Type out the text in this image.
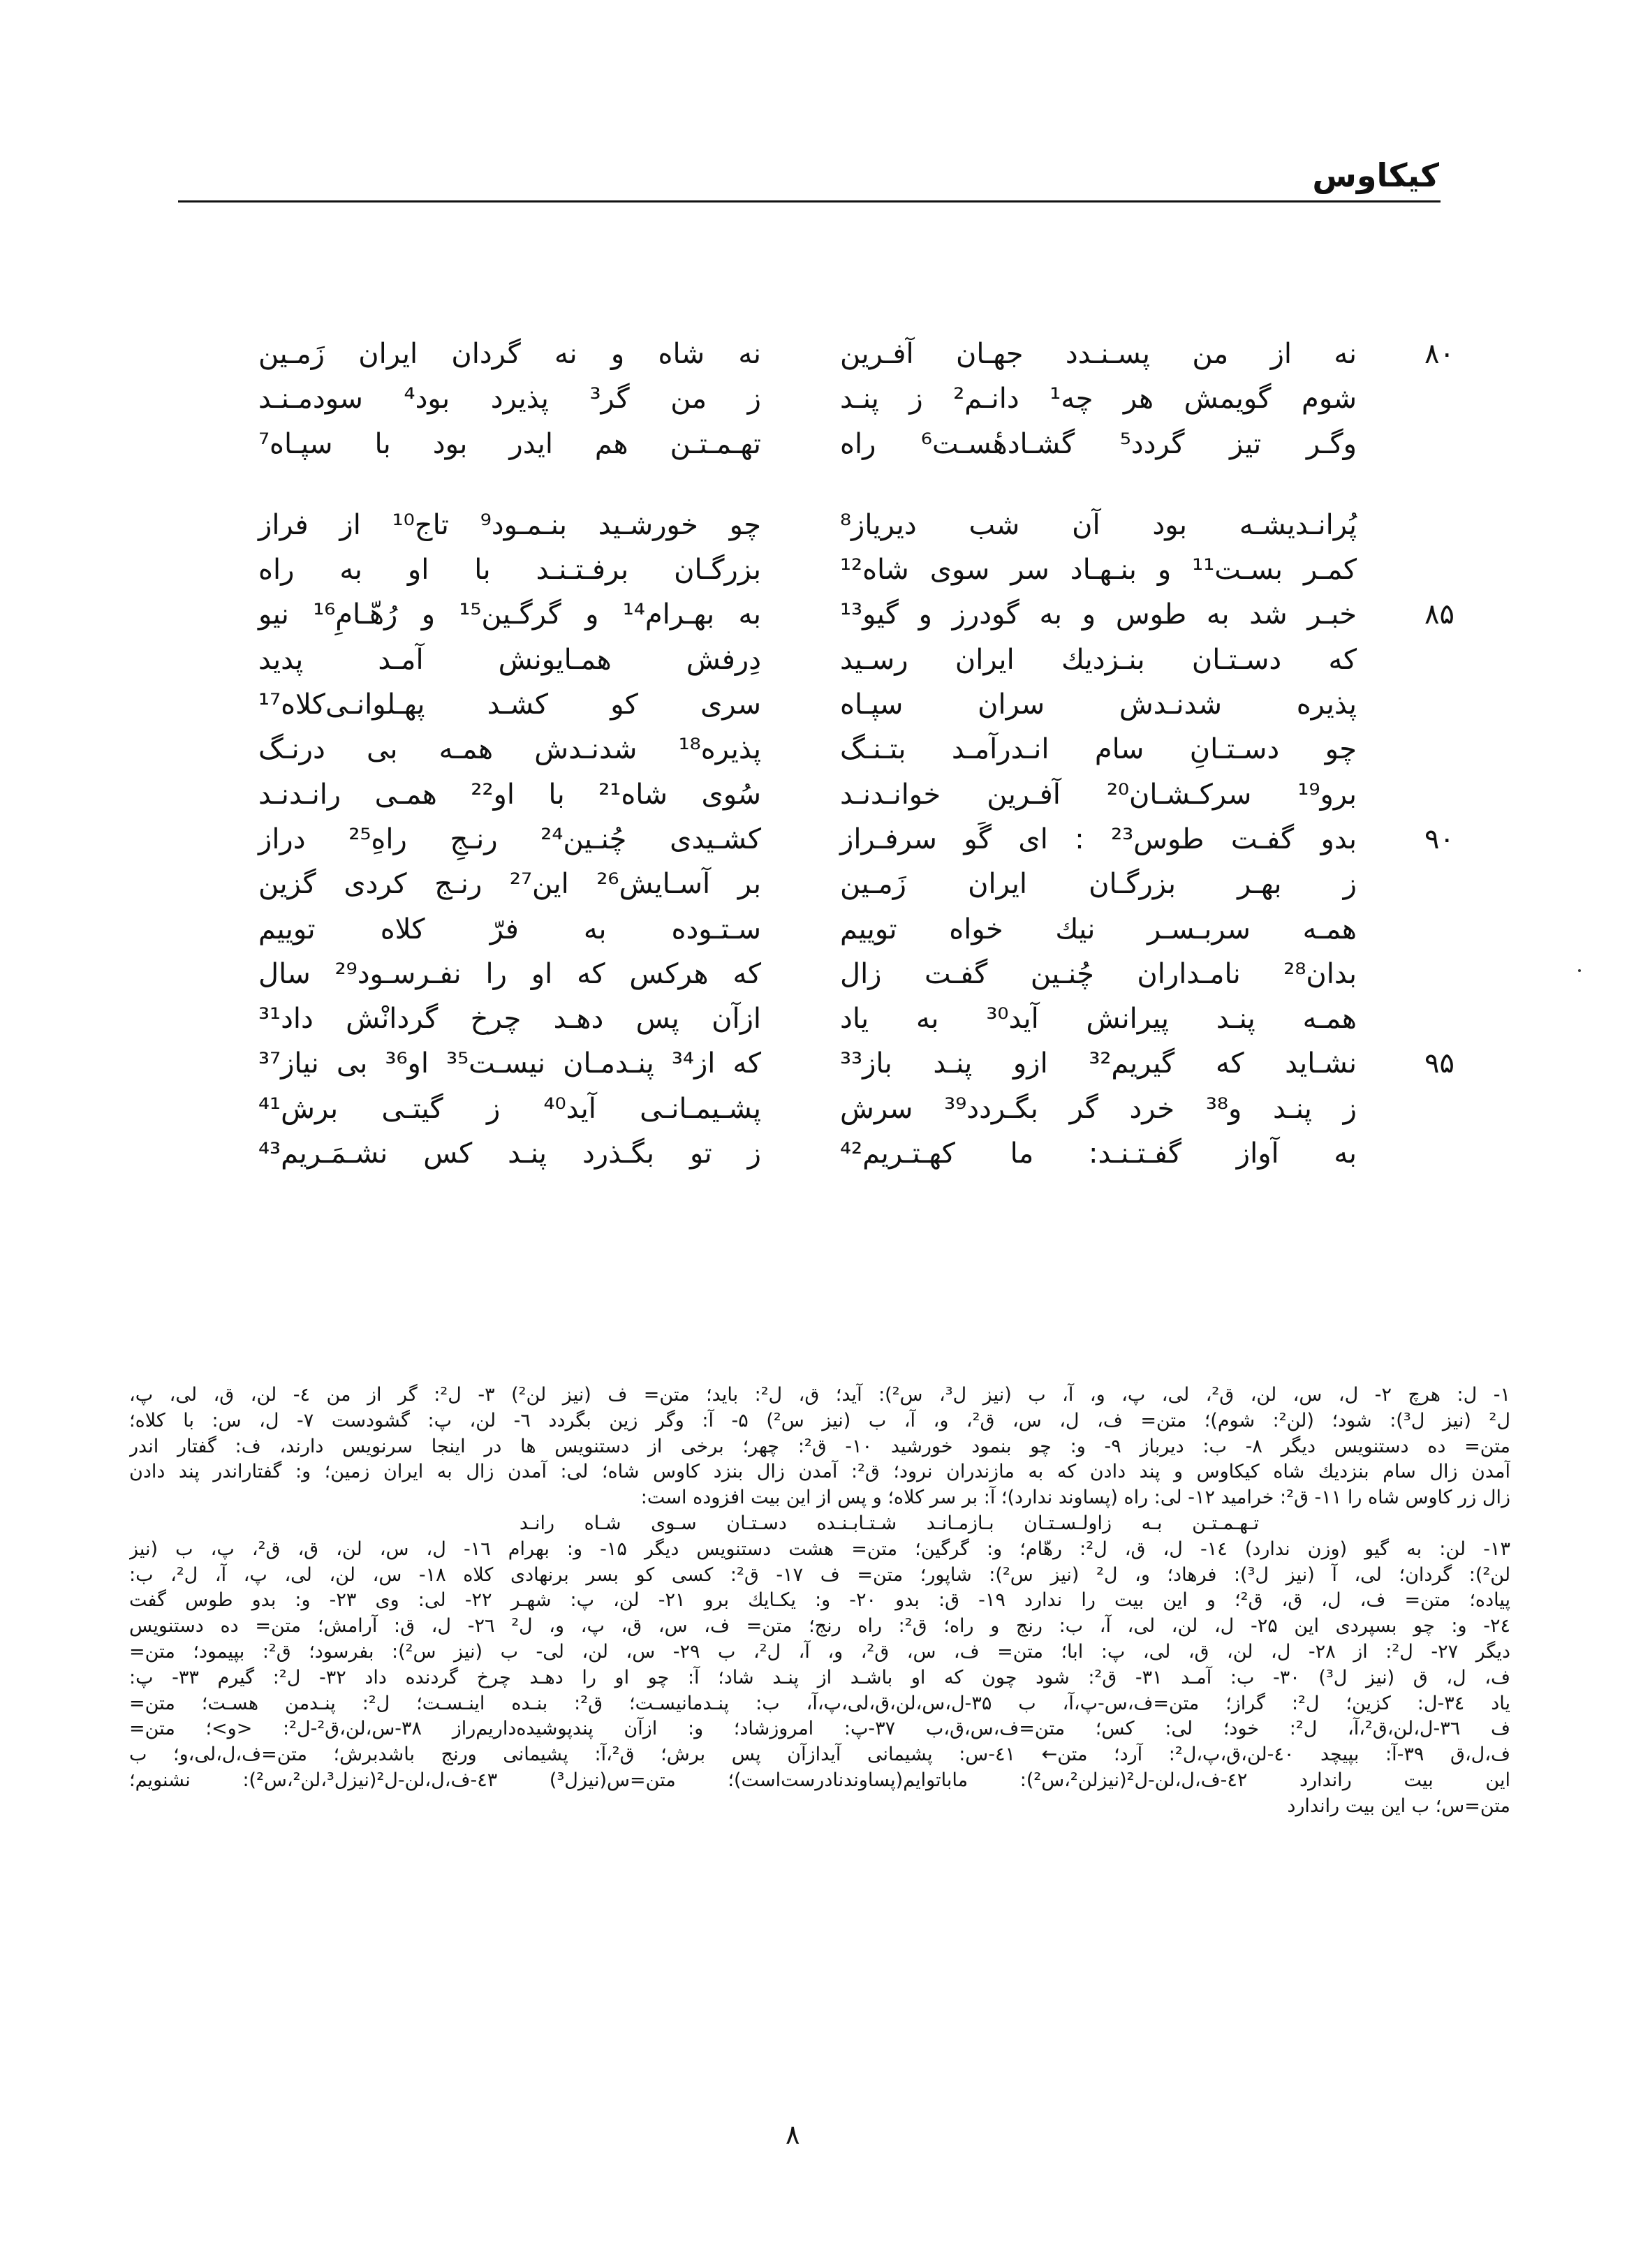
کیکاوس
۸۰
نه از من پسـنـدد جهـان آفـرین
شوم گویمش هر چه¹ دانـم² ز پنـد
وگـر تیز گردد⁵ گشـادهٔسـت⁶ راه
پُرانـدیشـه بود آن شب دیریاز⁸
کمـر بسـت¹¹ و بنـهـاد سر سوی شاه¹²
۸۵
خبـر شد به طوس و به گودرز و گیو¹³
که دسـتـان بنـزدیك ایران رسـید
پذیره شدنـدش سران سپـاه
چو دسـتـانِ سام انـدرآمـد بتـنـگ
برو¹⁹ سرکـشـان²⁰ آفـرین خوانـدنـد
۹۰
بدو گفـت طوس²³ : ای گَو سرفـراز
ز بهـر بزرگـان ایران زَمـین
همـه سربـسـر نیك خواه توییم
بدان²⁸ نامـداران چُنـین گفـت زال
همـه پنـد پیرانش آید³⁰ به یاد
۹۵
نشـاید که گیریم³² ازو پنـد باز³³
ز پنـد و³⁸ خرد گر بگـردد³⁹ سرش
به آواز گفـتـنـد: ما کهـتـریم⁴²
نه شاه و نه گردان ایران زَمـین
ز من گر³ پذیرد بود⁴ سودمـنـد
تهـمـتـن هم ایدر بود با سپـاه⁷
چو خورشـید بنـمـود⁹ تاج¹⁰ از فراز
بزرگـان برفـتـنـد با او به راه
به بهـرام¹⁴ و گرگـین¹⁵ و رُهّـامِ¹⁶ نیو
دِرفش همـایونش آمـد پدید
سری کو کشـد پهـلوانـی‌کلاه¹⁷
پذیره¹⁸ شدنـدش همـه بی درنـگ
سُوی شاه²¹ با او²² همـی رانـدنـد
کشـیدی چُنـین²⁴ رنـجِ راهِ²⁵ دراز
بر آسـایش²⁶ این²⁷ رنـج کردی گزین
سـتـوده به فرّ کلاه توییم
که هرکس که او را نفـرسـود²⁹ سال
ازآن پس دهـد چرخ گردانْش داد³¹
که از³⁴ پنـدمـان نیسـت³⁵ او³⁶ بی نیاز³⁷
پشـیمـانـی آید⁴⁰ ز گیتـی برش⁴¹
ز تو بگـذرد پنـد کس نشـمَـریم⁴³
۱- ل: هرچ ۲- ل، س، لن، ق²، لی، پ، و، آ، ب (نیز ل³، س²): آید؛ ق، ل²: باید؛ متن= ف (نیز لن²) ۳- ل²: گر از من ٤- لن، ق، لی، پ،
ل² (نیز ل³): شود؛ (لن²: شوم)؛ متن= ف، ل، س، ق²، و، آ، ب (نیز س²) ۵- آ: وگر زین بگردد ٦- لن، پ: گشودست ۷- ل، س: با کلاه؛
متن= ده دستنویس دیگر ۸- ب: دیرباز ۹- و: چو بنمود خورشید ۱۰- ق²: چهر؛ برخی از دستنویس ها در اینجا سرنویس دارند، ف: گفتار اندر
آمدن زال سام بنزدیك شاه کیکاوس و پند دادن که به مازندران نرود؛ ق²: آمدن زال بنزد کاوس شاه؛ لی: آمدن زال به ایران زمین؛ و: گفتاراندر پند دادن
زال زر کاوس شاه را ۱۱- ق²: خرامید ۱۲- لی: راه (پساوند ندارد)؛ آ: بر سر کلاه؛ و پس از این بیت افزوده است:
تـهـمـتـن بـه زاولـسـتـان بـازمـانـد شـتـابـنـده دسـتـان سـوی شـاه رانـد
۱۳- لن: به گیو (وزن ندارد) ۱٤- ل، ق، ل²: رهّام؛ و: گرگین؛ متن= هشت دستنویس دیگر ۱۵- و: بهرام ۱٦- ل، س، لن، ق، ق²، پ، ب (نیز
لن²): گردان؛ لی، آ (نیز ل³): فرهاد؛ و، ل² (نیز س²): شاپور؛ متن= ف ۱۷- ق²: کسی کو بسر برنهادی کلاه ۱۸- س، لن، لی، پ، آ، ل²، ب:
پیاده؛ متن= ف، ل، ق، ق²؛ و این بیت را ندارد ۱۹- ق: بدو ۲۰- و: یکـایك برو ۲۱- لن، پ: شهـر ۲۲- لی: وی ۲۳- و: بدو طوس گفت
۲٤- و: چو بسپردی این ۲۵- ل، لن، لی، آ، ب: رنج و راه؛ ق²: راه رنج؛ متن= ف، س، ق، پ، و، ل² ۲٦- ل، ق: آرامش؛ متن= ده دستنویس
دیگر ۲۷- ل²: از ۲۸- ل، لن، ق، لی، پ: ابا؛ متن= ف، س، ق²، و، آ، ل²، ب ۲۹- س، لن، لی- ب (نیز س²): بفرسود؛ ق²: بپیمود؛ متن=
ف، ل، ق (نیز ل³) ۳۰- ب: آمـد ۳۱- ق²: شود چون که او باشـد از پنـد شاد؛ آ: چو او را دهـد چرخ گردنده داد ۳۲- ل²: گیرم ۳۳- پ:
یاد ۳٤-ل: کزین؛ ل²: گراز؛ متن=ف،س-پ،آ، ب ۳۵-ل،س،لن،ق،لی،پ،آ، ب: پنـدمانیسـت؛ ق²: بنـده اینـسـت؛ ل²: پنـدمن هسـت؛ متن=
ف ۳٦-ل،لن،ق²،آ، ل²: خود؛ لی: کس؛ متن=ف،س،ق،ب ۳۷-پ: امروزشاد؛ و: ازآن پندپوشیده‌داریم‌راز ۳۸-س،لن،ق²-ل²: <و>؛ متن=
ف،ل،ق ۳۹-آ: بپیچد ٤۰-لن،ق،پ،ل²: آرد؛ متن← ٤۱-س: پشیمانی آیدازآن پس برش؛ ق²،آ: پشیمانی ورنج باشدبرش؛ متن=ف،ل،لی،و؛ ب
این بیت راندارد ٤۲-ف،ل،لن-ل²(نیزلن²،س²): ماباتوایم(پساوندنادرست‌است)؛ متن=س(نیزل³) ٤۳-ف،ل،لن-ل²(نیزل³،لن²،س²): نشنویم؛
متن=س؛ ب این بیت راندارد
۸
